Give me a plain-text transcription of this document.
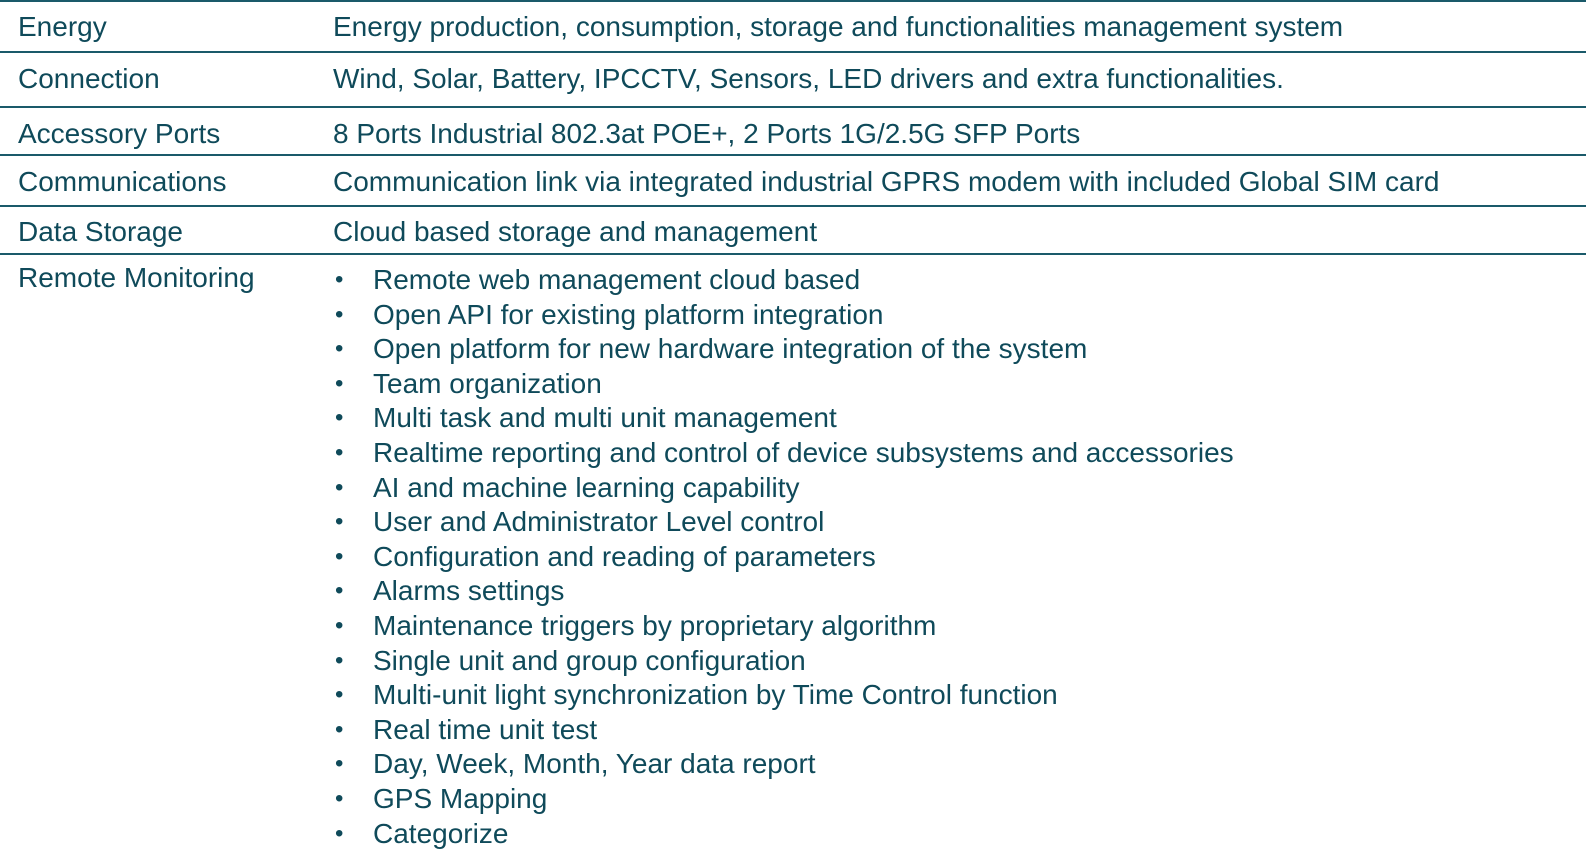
Energy	Energy production, consumption, storage and functionalities management system
Connection	Wind, Solar, Battery, IPCCTV, Sensors, LED drivers and extra functionalities.
Accessory Ports	8 Ports Industrial 802.3at POE+, 2 Ports 1G/2.5G SFP Ports
Communications	Communication link via integrated industrial GPRS modem with included Global SIM card
Data Storage	Cloud based storage and management
Remote Monitoring	• Remote web management cloud based
• Open API for existing platform integration
• Open platform for new hardware integration of the system
• Team organization
• Multi task and multi unit management
• Realtime reporting and control of device subsystems and accessories
• AI and machine learning capability
• User and Administrator Level control
• Configuration and reading of parameters
• Alarms settings
• Maintenance triggers by proprietary algorithm
• Single unit and group configuration
• Multi-unit light synchronization by Time Control function
• Real time unit test
• Day, Week, Month, Year data report
• GPS Mapping
• Categorize
